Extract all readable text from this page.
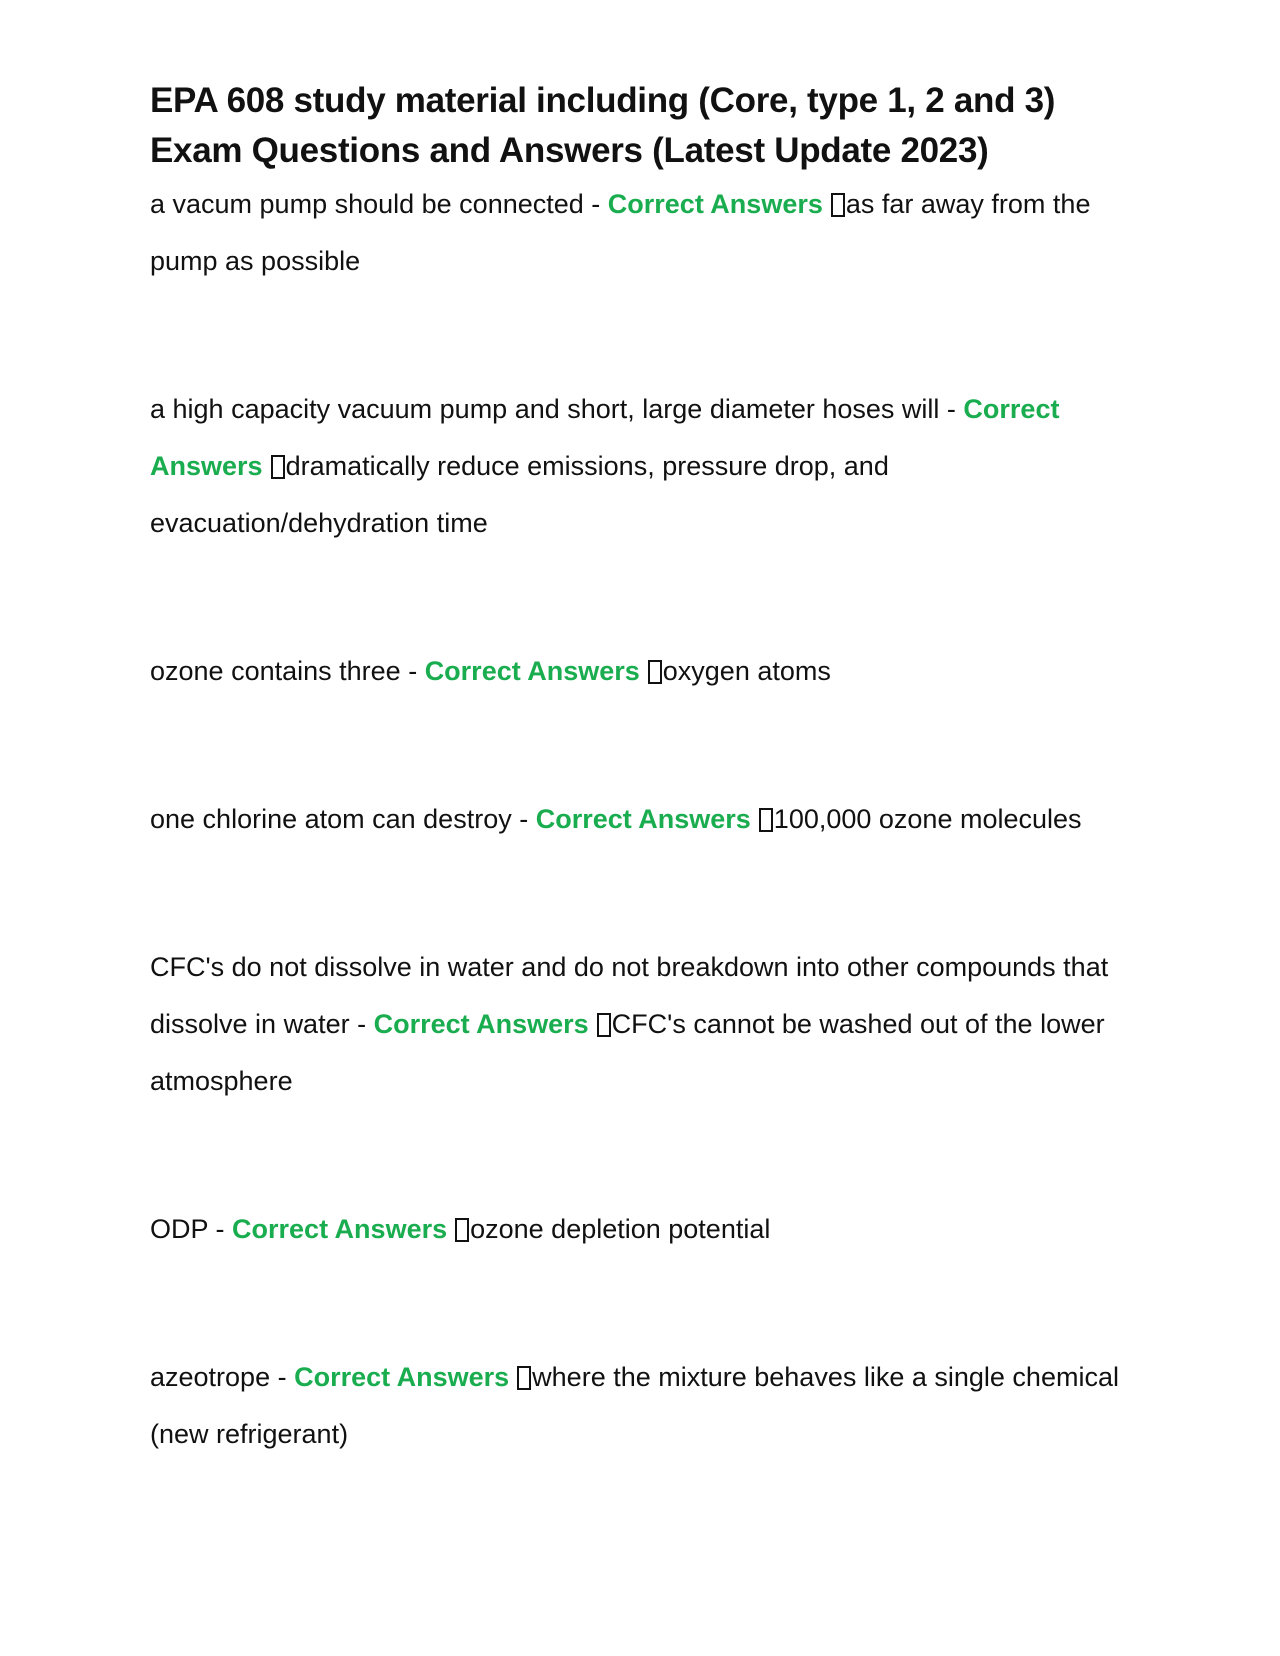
EPA 608 study material including (Core, type 1, 2 and 3)
Exam Questions and Answers (Latest Update 2023)

a vacum pump should be connected - Correct Answers as far away from the pump as possible

a high capacity vacuum pump and short, large diameter hoses will - Correct Answers dramatically reduce emissions, pressure drop, and evacuation/dehydration time

ozone contains three - Correct Answers oxygen atoms

one chlorine atom can destroy - Correct Answers 100,000 ozone molecules

CFC's do not dissolve in water and do not breakdown into other compounds that dissolve in water - Correct Answers CFC's cannot be washed out of the lower atmosphere

ODP - Correct Answers ozone depletion potential

azeotrope - Correct Answers where the mixture behaves like a single chemical (new refrigerant)
